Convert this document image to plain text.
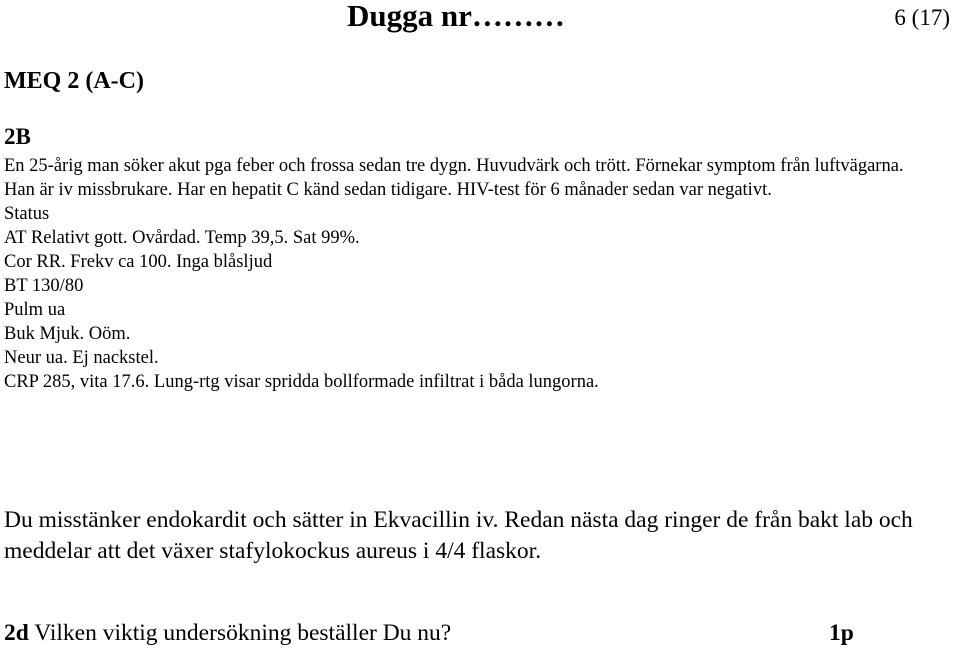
Dugga nr………	6 (17)
MEQ 2 (A-C)
2B
En 25-årig man söker akut pga feber och frossa sedan tre dygn. Huvudvärk och trött. Förnekar symptom från luftvägarna. Han är iv missbrukare. Har en hepatit C känd sedan tidigare. HIV-test för 6 månader sedan var negativt.
Status
AT Relativt gott. Ovårdad. Temp 39,5. Sat 99%.
Cor RR. Frekv ca 100. Inga blåsljud
BT 130/80
Pulm ua
Buk Mjuk. Oöm.
Neur ua. Ej nackstel.
CRP 285, vita 17.6. Lung-rtg visar spridda bollformade infiltrat i båda lungorna.
Du misstänker endokardit och sätter in Ekvacillin iv. Redan nästa dag ringer de från bakt lab och meddelar att det växer stafylokockus aureus i 4/4 flaskor.
2d Vilken viktig undersökning beställer Du nu?	1p
